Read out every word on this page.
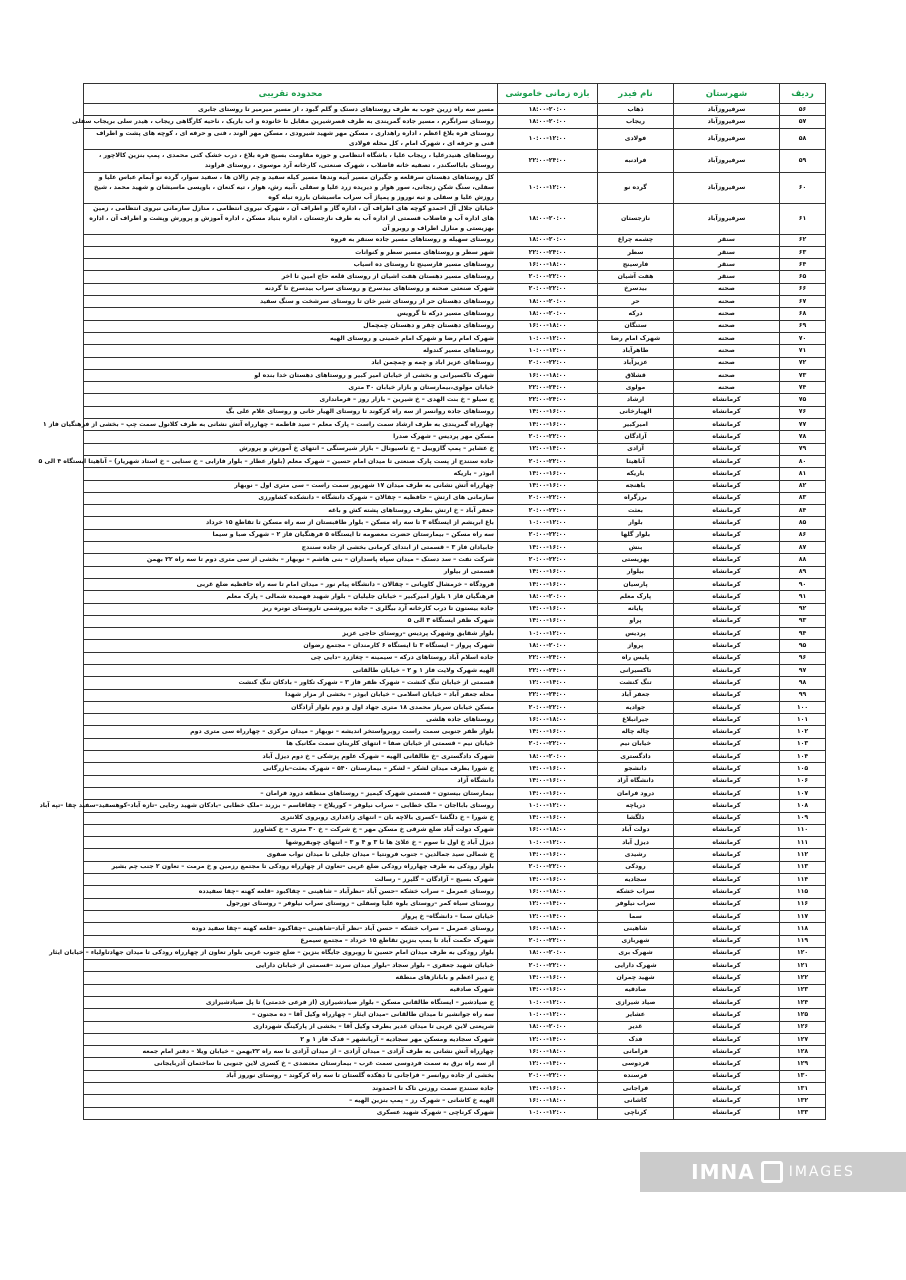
ردیف	شهرستان	نام فیدر	بازه زمانی خاموشی	محدوده تقریبی
۵۶	سرفیروزآباد	ذهاب	۱۸:۰۰-۲۰:۰۰	مسیر سه راه زرین جوب به طرف روستاهای دستک و گلم گبود ، از مسیر میرمیر تا روستای جابری
۵۷	سرفیروزآباد	ریجاب	۱۸:۰۰-۲۰:۰۰	روستای سرابگرم ، مسیر جاده گمریندی به طرف قصرشیرین مقابل تا خانوده و اب باریک ، ناحیه کارگاهی ریجاب ، هیدر سلی بریجاب سفلی
۵۸	سرفیروزآباد	فولادی	۱۰:۰۰-۱۲:۰۰	روستای فره بلاغ اعظم ، اداره راهداری ، مسکن مهر شهید شیرودی ، مسکن مهر الوند ، فنی و حرفه ای ، کوچه های پشت و اطراف فنی و حرفه ای ، شهرک امام ، کل محله فولادی
۵۹	سرفیروزآباد	فرادنبه	۲۲:۰۰-۲۴:۰۰	روستاهای هنیدرعلیا ، ریجاب علیا ، باشگاه انتظامی و حوزه مقاومت بسیج فره بلاغ ، درب خشک کنی محمدی ، پمپ بنزین کالاچور ، روستای بابااسکندر ، تصفیه خانه فاضلاب ، شهرک صنعتی، کارخانه آرد موسوی ، روستای فراوند
۶۰	سرفیروزآباد	گرده نو	۱۰:۰۰-۱۲:۰۰	کل روستاهای دهستان سرقلعه و جگیران مسیر آبیه وندها مسیر کیله سفید و چم زالان ها ، سفید سوار، گرده نو آبمام عباس علیا و سفلی، سنگ شکن زنجانی، سور هوار و دیریده زرد علیا و سفلی ،آبیه رش، هوار ، تیه کنعان ، باویسی ماسیشان و شهید محمد ، شیخ روزش علیا و سفلی و تیه نوروز و پمپاژ آب سراب ماسیشان بارزه تیله کوه
۶۱	سرفیروزآباد	نازجستان	۱۸:۰۰-۲۰:۰۰	خیابان جلال آل احمدو کوچه های اطراف آن ، اداره گاز و اطراف آن ، شهرک نیروی انتظامی ، منازل سازمانی نیروی انتظامی ، زمین های اداره آب و فاضلاب قسمتی از اداره آب به طرف نازجستان ، اداره بنیاد مسکن ، اداره آموزش و پرورش وپشت و اطراف آن ، اداره بهزیستی و منازل اطراف و روبرو آن
۶۲	سنقر	چشمه چراغ	۱۸:۰۰-۲۰:۰۰	روستای سهیله و روستاهای مسیر جاده سنقر به فروه
۶۳	سنقر	سطر	۲۲:۰۰-۲۴:۰۰	شهر سطر و روستاهای مسیر سطر و کنوانات
۶۴	سنقر	فارسینج	۱۶:۰۰-۱۸:۰۰	روستاهای مسیر فارسینج تا روستای ده اسیاب
۶۵	سنقر	هفت آشیان	۲۰:۰۰-۲۲:۰۰	روستاهای مسیر دهستان هفت اشیان از روستای قلعه حاج امین تا اخر
۶۶	صحنه	بیدسرخ	۲۰:۰۰-۲۲:۰۰	شهرک صنعتی صحنه و روستاهای بیدسرخ و روستای سراب بیدسرخ تا گردنه
۶۷	صحنه	حر	۱۸:۰۰-۲۰:۰۰	روستاهای دهستان حر از روستای شیر خان تا روستای سرشخت و سنگ سفید
۶۸	صحنه	درکه	۱۸:۰۰-۲۰:۰۰	روستاهای مسیر درکه تا گرویس
۶۹	صحنه	ستنگان	۱۶:۰۰-۱۸:۰۰	روستاهای دهستان چقر و دهستان چمچمال
۷۰	صحنه	شهرک امام رضا	۱۰:۰۰-۱۲:۰۰	شهرک امام رضا و شهرک امام خمینی و روستای الهیه
۷۱	صحنه	طاهرآباد	۱۰:۰۰-۱۲:۰۰	روستاهای مسیر کندوله
۷۲	صحنه	عزیزآباد	۲۰:۰۰-۲۲:۰۰	روستاهای عزیز اباد و چمه و چمچمن اباد
۷۳	صحنه	قشلاق	۱۶:۰۰-۱۸:۰۰	شهرک تاکسیرانی و بخشی از خیابان امیر کبیر و روستاهای دهستان خدا بنده لو
۷۴	صحنه	مولوی	۲۲:۰۰-۲۴:۰۰	خیابان مولوی،بیمارستان و بازار خیابان ۳۰ متری
۷۵	کرمانشاه	ارشاد	۲۲:۰۰-۲۴:۰۰	ج سیلو – خ بنت الهدی – خ شیرین – بازار روز – فرمانداری
۷۶	کرمانشاه	الهیارخانی	۱۴:۰۰-۱۶:۰۰	روستاهای جاده روانسر از سه راه کرکوند تا روستای الهیار خانی و روستای غلام علی بگ
۷۷	کرمانشاه	امیرکبیر	۱۴:۰۰-۱۶:۰۰	چهارراه گمریندی به طرف ارشاد سمت راست – پارک معلم – سید فاطمه – چهارراه آتش نشانی به طرف کلانول سمت چپ – بخشی از فرهنگیان فاز ۱
۷۸	کرمانشاه	آزادگان	۲۰:۰۰-۲۲:۰۰	مسکن مهر پردیس – شهرک صدرا
۷۹	کرمانشاه	آزادی	۱۲:۰۰-۱۴:۰۰	خ عشایر – پمپ گازوییل – خ تاسیونال – بازار شیرسنگی – انتهای خ آموزش و پرورش
۸۰	کرمانشاه	آناهیتا	۲۰:۰۰-۲۲:۰۰	جاده سنندج از پست پارک صنعتی تا میدان امام حسین – شهرک معلم (بلوار عطار – بلوار فارابی – خ سنایی – خ استاد شهریار) – آناهیتا ایستگاه ۴ الی ۵
۸۱	کرمانشاه	باریکه	۱۴:۰۰-۱۶:۰۰	ابوذر – باریکه
۸۲	کرمانشاه	باهنجه	۱۴:۰۰-۱۶:۰۰	چهارراه آتش نشانی به طرف میدان ۱۷ شهریور سمت راست – سی متری اول – نوبهار
۸۳	کرمانشاه	برزگراه	۲۰:۰۰-۲۲:۰۰	سازمانی های ارتش – حافظیه – چقالان – شهرک دانشگاه – دانشکده کشاورزی
۸۴	کرمانشاه	بعثت	۲۰:۰۰-۲۲:۰۰	جعفر آباد – خ ارتش بطرف روستاهای پشته کش و باغه
۸۵	کرمانشاه	بلوار	۱۰:۰۰-۱۲:۰۰	باغ ابریشم از ایستگاه ۳ تا سه راه مسکن – بلوار طاقبستان از سه راه مسکن تا تقاطع ۱۵ خرداد
۸۶	کرمانشاه	بلوار گلها	۲۰:۰۰-۲۲:۰۰	سه راه مسکن – بیمارستان حضرت معصومه تا ایستگاه ۵ فرهنگیان فاز ۲ – شهرک صبا و سیما
۸۷	کرمانشاه	بنش	۱۴:۰۰-۱۶:۰۰	جابیادان فاز ۳ – قسمتی از ابتدای کرمانی بخشی از جاده سنندج
۸۸	کرمانشاه	بهزیستی	۲۰:۰۰-۲۲:۰۰	شرکت نفت – سد دستک – میدان سپاه پاسداران – بنی هاشم – نوبهار – بخشی از سی متری دوم تا سه راه ۲۲ بهمن
۸۹	کرمانشاه	بیلوار	۱۴:۰۰-۱۶:۰۰	قسمتی از بیلوار
۹۰	کرمانشاه	پارسیان	۱۴:۰۰-۱۶:۰۰	فرودگاه – خرمشال کاویانی – چقالان – دانشگاه پیام نور – میدان امام تا سه راه حافظیه ضلع غربی
۹۱	کرمانشاه	پارک معلم	۱۸:۰۰-۲۰:۰۰	فرهنگیان فاز ۱ بلوار امیرکبیر – خیابان جلیلیان – بلوار شهید فهمیده شمالی – پارک معلم
۹۲	کرمانشاه	پایانه	۱۴:۰۰-۱۶:۰۰	جاده بیستون تا درب کارخانه آرد بیگلری – جاده بیروشمی تاروستای تونره ریز
۹۳	کرمانشاه	پراو	۱۴:۰۰-۱۶:۰۰	شهرک ظفر ایستگاه ۳ الی ۵
۹۴	کرمانشاه	پردیس	۱۰:۰۰-۱۲:۰۰	بلوار شقایق وشهرک پردیس –روستای حاجی عزیز
۹۵	کرمانشاه	پرواز	۱۸:۰۰-۲۰:۰۰	شهرک پرواز – ایستگاه ۳ تا ایستگاه ۶ کارمندان – مجتمع رضوان
۹۶	کرمانشاه	پلیس راه	۲۲:۰۰-۲۴:۰۰	جاده اسلام آباد روستاهای درکه – سیمینه – چغازرد –دایی چی
۹۷	کرمانشاه	تاکسیرانی	۲۲:۰۰-۲۴:۰۰	الهیه شهرک ولایت فاز ۱ و ۲ – خیابان طالقانی
۹۸	کرمانشاه	تنگ کنشت	۱۲:۰۰-۱۴:۰۰	قسمتی از خیابان تنگ کنشت – شهرک ظفر فاز ۳ – شهرک تکاور – بادکان تنگ کنشت
۹۹	کرمانشاه	جعفر آباد	۲۲:۰۰-۲۴:۰۰	محله جعفر آباد – خیابان اسلامی – خیابان ابوذر – بخشی از مزار شهدا
۱۰۰	کرمانشاه	جوادیه	۲۰:۰۰-۲۲:۰۰	مسکن خیابان سرباز محمدی ۱۸ متری جهاد اول و دوم بلوار آزادگان
۱۰۱	کرمانشاه	جیرانبلاغ	۱۶:۰۰-۱۸:۰۰	روستاهای جاده هلشی
۱۰۲	کرمانشاه	چاله چاله	۱۴:۰۰-۱۶:۰۰	بلوار ظفر جنوبی سمت راست روبرواستخر اندیشه – نوبهار – میدان مرکزی – چهارراه سی متری دوم
۱۰۳	کرمانشاه	خیابان نیم	۲۰:۰۰-۲۲:۰۰	خیابان نیم – قسمتی از خیابان صفا – انتهای کلرینان سمت مکانیک ها
۱۰۴	کرمانشاه	دادگستری	۱۸:۰۰-۲۰:۰۰	شهرک دادگستری –خ طالقانی الهیه – شهرک علوم پزشکی – خ دوم دیزل آباد
۱۰۵	کرمانشاه	دانشجو	۱۴:۰۰-۱۶:۰۰	خ شورا بطرف میدان لشکر – لشکر – بیمارستان ۵۴۰ – شهرک بعثت–بازرگانی
۱۰۶	کرمانشاه	دانشگاه آزاد	۱۴:۰۰-۱۶:۰۰	دانشگاه آزاد
۱۰۷	کرمانشاه	درود فرامان	۱۴:۰۰-۱۶:۰۰	بیمارستان بیستون – قسمتی شهرک کیمیز – روستاهای منطقه درود فرامان –
۱۰۸	کرمانشاه	دریاچه	۱۰:۰۰-۱۲:۰۰	روستای بابااجان – ملک خطابی – سراب نیلوفر – کوریلاخ – چقاقاسم – بزرند –ملک خطابی –بادکان شهید رجایی –تازه آباد–کوهسفید–سفید چقا –تپه آباد
۱۰۹	کرمانشاه	دلگشا	۱۴:۰۰-۱۶:۰۰	خ شورا – خ دلگشا –کسری بالاچه بان – انتهای زاغداری روبروی کلانتری
۱۱۰	کرمانشاه	دولت آباد	۱۶:۰۰-۱۸:۰۰	شهرک دولت آباد ضلع شرقی خ مسکن مهر – خ شرکت – خ ۳۰ متری – خ کشاورز
۱۱۱	کرمانشاه	دیزل آباد	۱۰:۰۰-۱۲:۰۰	دیزل آباد خ اول تا سوم – خ علائ ها تا ۳ و ۴ و ۳ – انتهای چوبفروشها
۱۱۲	کرمانشاه	رشیدی	۱۴:۰۰-۱۶:۰۰	خ شمالی سید جمالدین – جنوب فرونتیا – میدان جلیلی تا میدان نواب صفوی
۱۱۳	کرمانشاه	رودکی	۲۰:۰۰-۲۲:۰۰	بلوار رودکی به طرف چهارراه رودکی ضلع غربی –تعاون از چهارراه رودکی تا مجتمع رزمین و خ مرمت – تعاون ۲ جنب چم بشیر
۱۱۴	کرمانشاه	سجادیه	۱۴:۰۰-۱۶:۰۰	شهرک بسیج – آزادگان – گلیرز – رسالت
۱۱۵	کرمانشاه	سراب خشکه	۱۶:۰۰-۱۸:۰۰	روستای عمرمل – سراب خشکه –حسن آباد –نظرآباد – شاهینی – چقاکبود –قلعه کهنه –چقا سفیدده
۱۱۶	کرمانشاه	سراب نیلوفر	۱۲:۰۰-۱۴:۰۰	روستای سیاه کمر –روستای بلوه علیا وسفلی – روستای سراب نیلوفر – روستای تورجول
۱۱۷	کرمانشاه	سما	۱۲:۰۰-۱۴:۰۰	خیابان سما – دانشگاه– خ پرواز
۱۱۸	کرمانشاه	شاهینی	۱۶:۰۰-۱۸:۰۰	روستای عمرمل – سراب خشکه – حسن آباد –نظر آباد–شاهینی –چقاکبود –قلعه کهنه –چقا سفید دوده
۱۱۹	کرمانشاه	شهربازی	۲۰:۰۰-۲۲:۰۰	شهرک حکمت آباد تا پمپ بنزین تقاطع ۱۵ خرداد – مجتمع سیمرغ
۱۲۰	کرمانشاه	شهرک بری	۱۸:۰۰-۲۰:۰۰	بلوار رودکی به طرف میدان امام حسین تا روبروی جایگاه بنزین – ضلع جنوب غربی بلوار تعاون از چهارراه رودکی تا میدان جهادتاولیاء – خیابان ایثار
۱۲۱	کرمانشاه	شهرک دارایی	۲۰:۰۰-۲۲:۰۰	خیابان شهید جعفری – بلوار سجاد –بلوار میدان سرند –قسمتی از خیابان دارایی
۱۲۲	کرمانشاه	شهید چمران	۱۴:۰۰-۱۶:۰۰	خ دبیر اعظم و بابانازهای منطقه
۱۲۳	کرمانشاه	صادقیه	۱۴:۰۰-۱۶:۰۰	شهرک صادقیه
۱۲۴	کرمانشاه	صیاد شیرازی	۱۰:۰۰-۱۲:۰۰	خ صیادشیر – ایستگاه طالقانی مسکن – بلوار صیادشیرازی (از فرعی خدمتی) تا پل صیادشیرازی
۱۲۵	کرمانشاه	عشایر	۱۰:۰۰-۱۲:۰۰	سه راه جوانشیر تا میدان طالقانی –میدان ایثار – چهارراه وکیل آقا – ده مجنون –
۱۲۶	کرمانشاه	غدیر	۱۸:۰۰-۲۰:۰۰	شریعتی لاین غربی تا میدان غدیر بطرف وکیل آقا – بخشی از پارکینگ شهرداری
۱۲۷	کرمانشاه	فدک	۱۲:۰۰-۱۴:۰۰	شهرک سجادیه ومسکن مهر سجادیه – آرپانشهر – فدک فاز ۱ و ۲
۱۲۸	کرمانشاه	فرامانی	۱۶:۰۰-۱۸:۰۰	چهارراه آتش نشانی به طرف آزادی – میدان آزادی – از میدان آزادی تا سه راه ۲۲بهمن – خیابان ویلا – دفتر امام جمعه
۱۲۹	کرمانشاه	فردوسی	۱۲:۰۰-۱۴:۰۰	از سه راه برق به سمت فردوسی سمت غرب – بیمارستان معتضدی – خ کسری لاین جنوبی تا ساختمان آذربایجانی
۱۳۰	کرمانشاه	فرسنده	۲۰:۰۰-۲۲:۰۰	بخشی از جاده روانسر – فراجانی تا دهکده گلستان تا سه راه کرکوند – روستای نوروز آباد
۱۳۱	کرمانشاه	فراجانی	۱۴:۰۰-۱۶:۰۰	جاده سنندج سمت روزنی تاک تا احمدوند
۱۳۲	کرمانشاه	کاشانی	۱۶:۰۰-۱۸:۰۰	الهیه خ کاشانی – شهرک رز – پمپ بنزین الهیه –
۱۳۳	کرمانشاه	کرناچی	۱۰:۰۰-۱۲:۰۰	شهرک کرناچی – شهرک شهید عسکری
IMNA IMAGES
